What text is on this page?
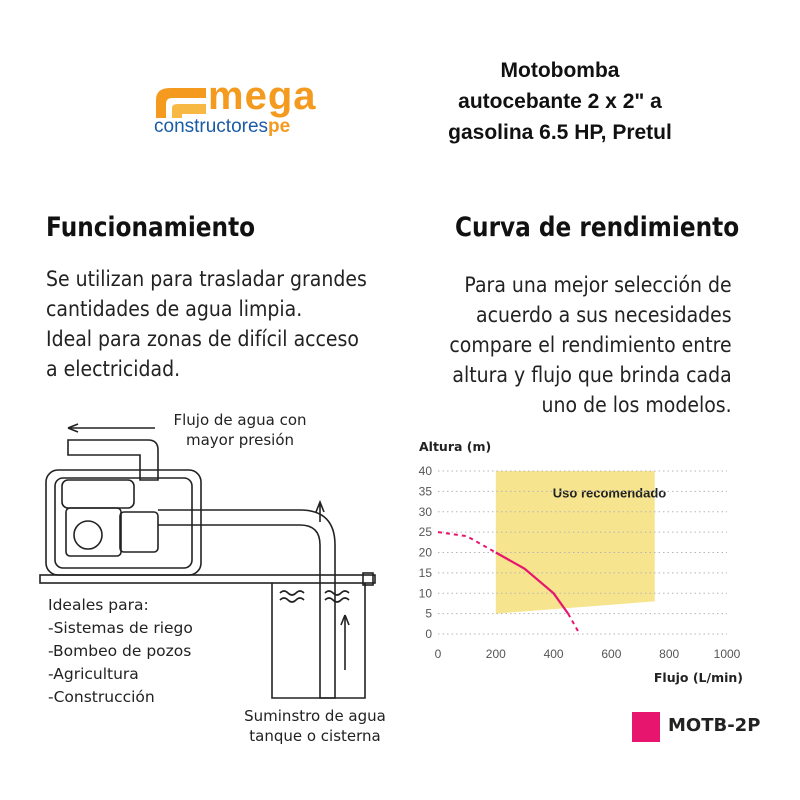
mega
constructorespe
Motobomba
autocebante 2 x 2" a
gasolina 6.5 HP, Pretul
Funcionamiento
Se utilizan para trasladar grandes
cantidades de agua limpia.
Ideal para zonas de difícil acceso
a electricidad.
Curva de rendimiento
Para una mejor selección de
acuerdo a sus necesidades
compare el rendimiento entre
altura y flujo que brinda cada
uno de los modelos.
Flujo de agua con
mayor presión
Suminstro de agua
tanque o cisterna
Ideales para:
-Sistemas de riego
-Bombeo de pozos
-Agricultura
-Construcción
Uso recomendado
0
5
10
15
20
25
30
35
40
0	200	400	600	800	1000
Altura (m)
Flujo (L/min)
MOTB-2P
